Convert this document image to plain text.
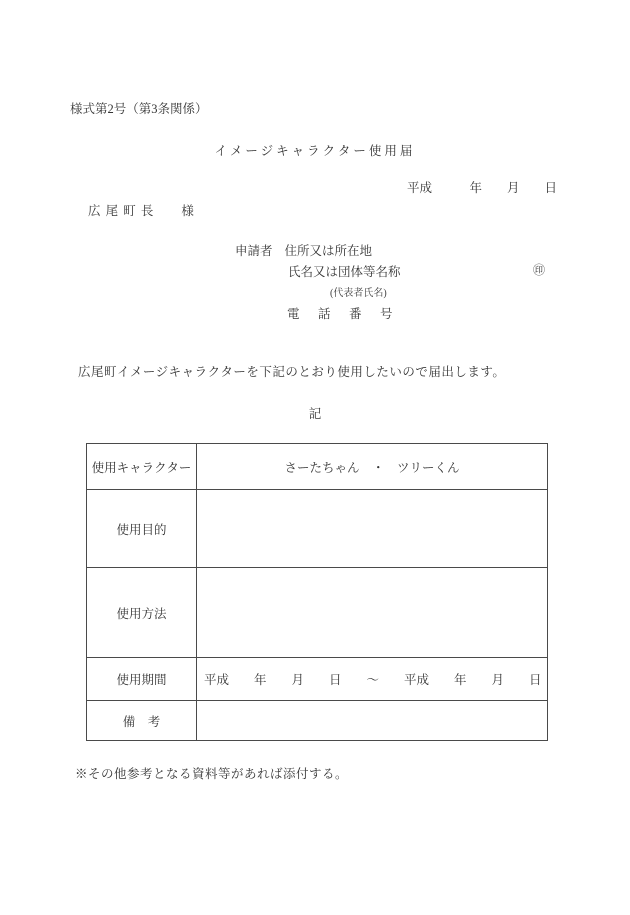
様式第2号（第3条関係）
イメージキャラクター使用届
平成　　　年　　月　　日
広 尾 町 長　　様
申請者 住所又は所在地
氏名又は団体等名称	㊞
(代表者氏名)
電　話　番　号
広尾町イメージキャラクターを下記のとおり使用したいので届出します。
記
使用キャラクター	さーたちゃん　・　ツリーくん
使用目的	
使用方法	
使用期間	平成　　年　　月　　日　　～　　平成　　年　　月　　日
備　考	
※その他参考となる資料等があれば添付する。
